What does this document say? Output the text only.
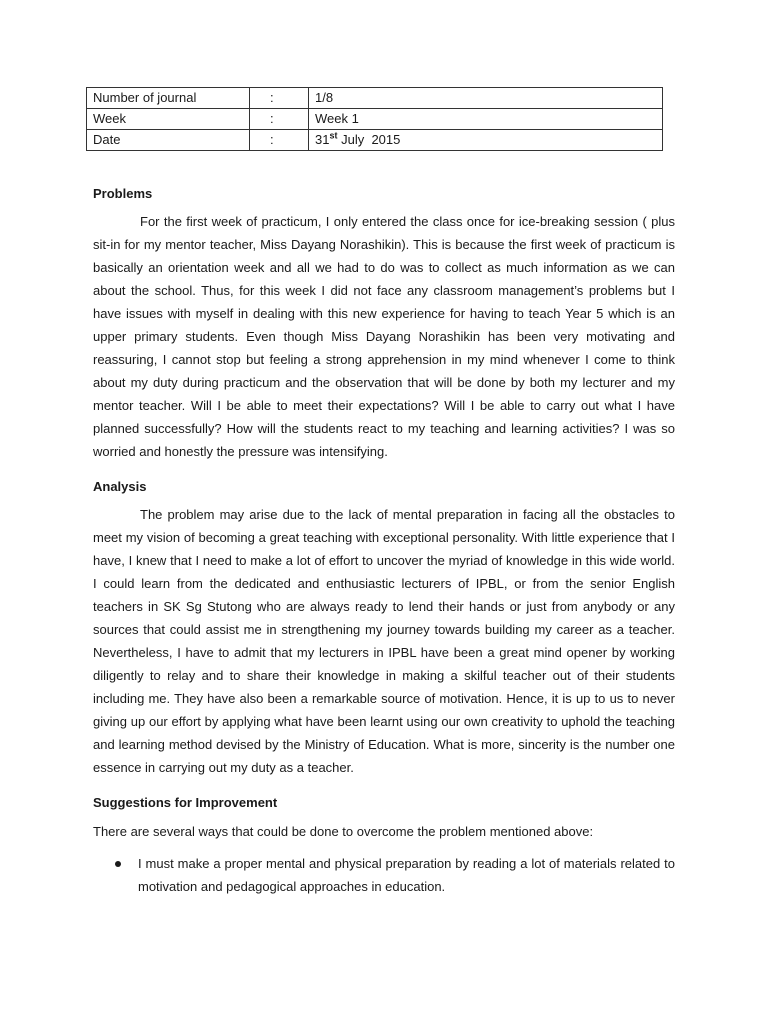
Number of journal	:	1/8
Week	:	Week 1
Date	:	31st July  2015
Problems

For the first week of practicum, I only entered the class once for ice-breaking session ( plus sit-in for my mentor teacher, Miss Dayang Norashikin). This is because the first week of practicum is basically an orientation week and all we had to do was to collect as much information as we can about the school. Thus, for this week I did not face any classroom management’s problems but I have issues with myself in dealing with this new experience for having to teach Year 5 which is an upper primary students. Even though Miss Dayang Norashikin has been very motivating and reassuring, I cannot stop but feeling a strong apprehension in my mind whenever I come to think about my duty during practicum and the observation that will be done by both my lecturer and my mentor teacher. Will I be able to meet their expectations? Will I be able to carry out what I have planned successfully? How will the students react to my teaching and learning activities? I was so worried and honestly the pressure was intensifying.

Analysis

The problem may arise due to the lack of mental preparation in facing all the obstacles to meet my vision of becoming a great teaching with exceptional personality. With little experience that I have, I knew that I need to make a lot of effort to uncover the myriad of knowledge in this wide world. I could learn from the dedicated and enthusiastic lecturers of IPBL, or from the senior English teachers in SK Sg Stutong who are always ready to lend their hands or just from anybody or any sources that could assist me in strengthening my journey towards building my career as a teacher. Nevertheless, I have to admit that my lecturers in IPBL have been a great mind opener by working diligently to relay and to share their knowledge in making a skilful teacher out of their students including me. They have also been a remarkable source of motivation. Hence, it is up to us to never giving up our effort by applying what have been learnt using our own creativity to uphold the teaching and learning method devised by the Ministry of Education. What is more, sincerity is the number one essence in carrying out my duty as a teacher.

Suggestions for Improvement

There are several ways that could be done to overcome the problem mentioned above:

I must make a proper mental and physical preparation by reading a lot of materials related to motivation and pedagogical approaches in education.
